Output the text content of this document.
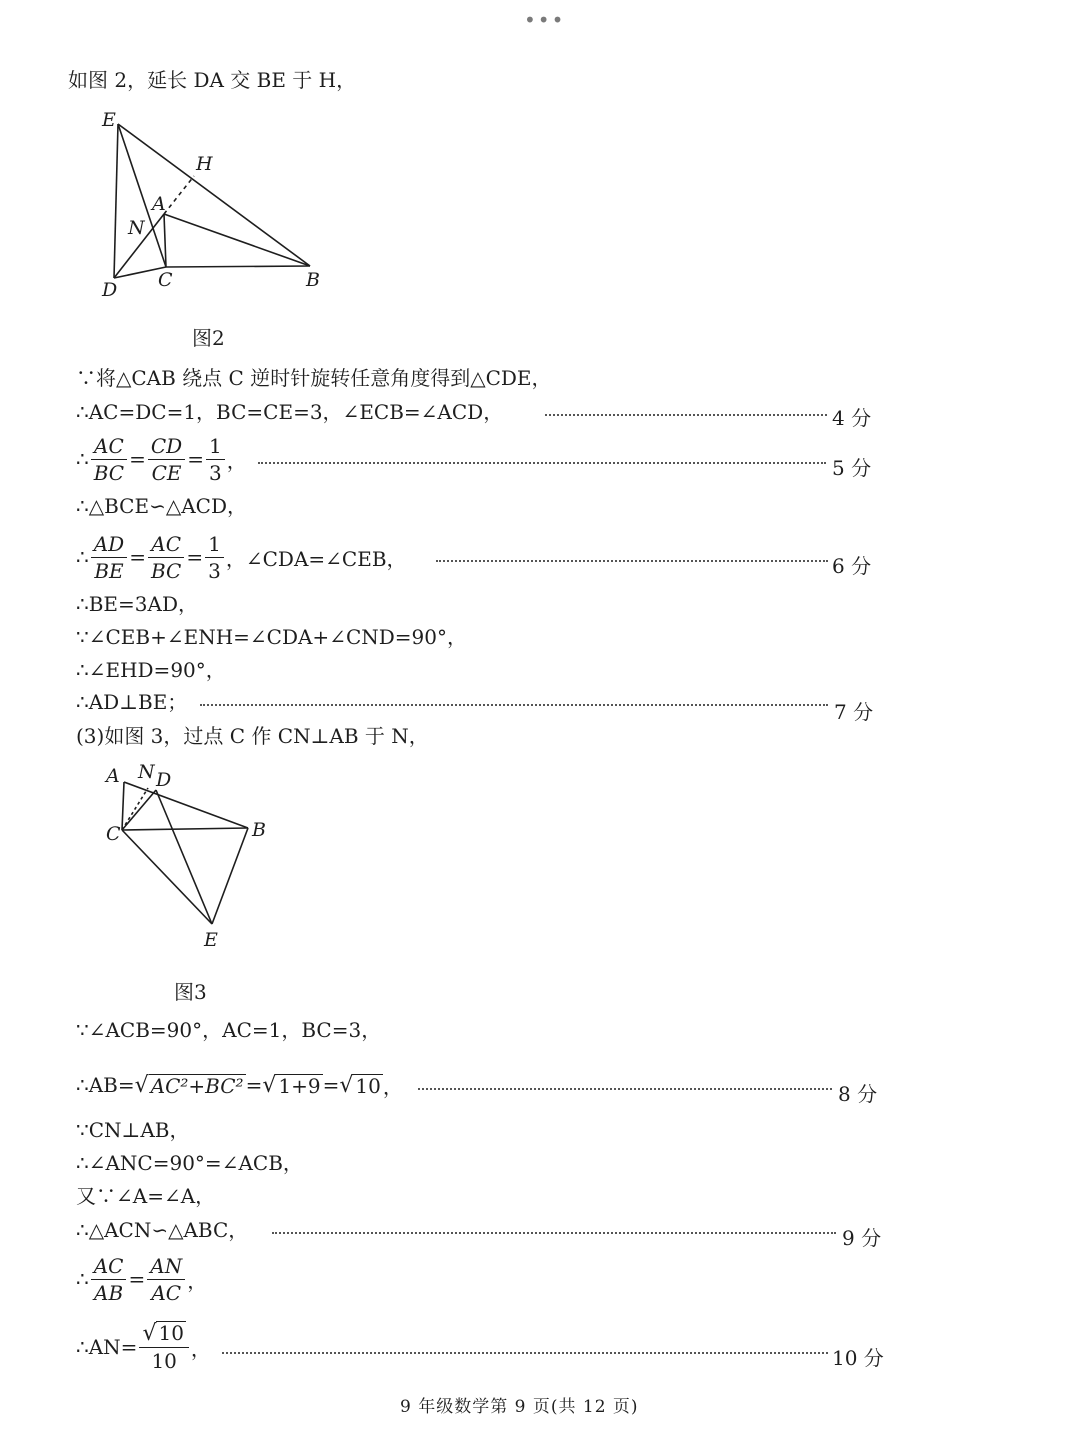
•••
如图 2，延长 DA 交 BE 于 H，
E
H
A
N
D C	B
图2
∵将△CAB 绕点 C 逆时针旋转任意角度得到△CDE，
∴AC=DC=1，BC=CE=3，∠ECB=∠ACD，	4 分
∴ $\frac{AC}{BC} = \frac{CD}{CE} = \frac{1}{3}$ ，	5 分
∴△BCE∽△ACD，
∴ $\frac{AD}{BE} = \frac{AC}{BC} = \frac{1}{3}$ ，∠CDA=∠CEB，	6 分
∴BE=3AD，
∵∠CEB+∠ENH=∠CDA+∠CND=90°，
∴∠EHD=90°，
∴AD⊥BE；	7 分
(3)如图 3，过点 C 作 CN⊥AB 于 N，
A N D
C	B
E
图3
∵∠ACB=90°，AC=1，BC=3，
∴AB= √ AC²+BC² = √ 1+9 = √ 10 ，	8 分
∵CN⊥AB，
∴∠ANC=90°=∠ACB，
又∵∠A=∠A，
∴△ACN∽△ABC，	9 分
∴ $\frac{AC}{AB} = \frac{AN}{AC}$ ，
∴AN= $\frac{√ 10}{10}$ ，	10 分
9 年级数学第 9 页(共 12 页)
